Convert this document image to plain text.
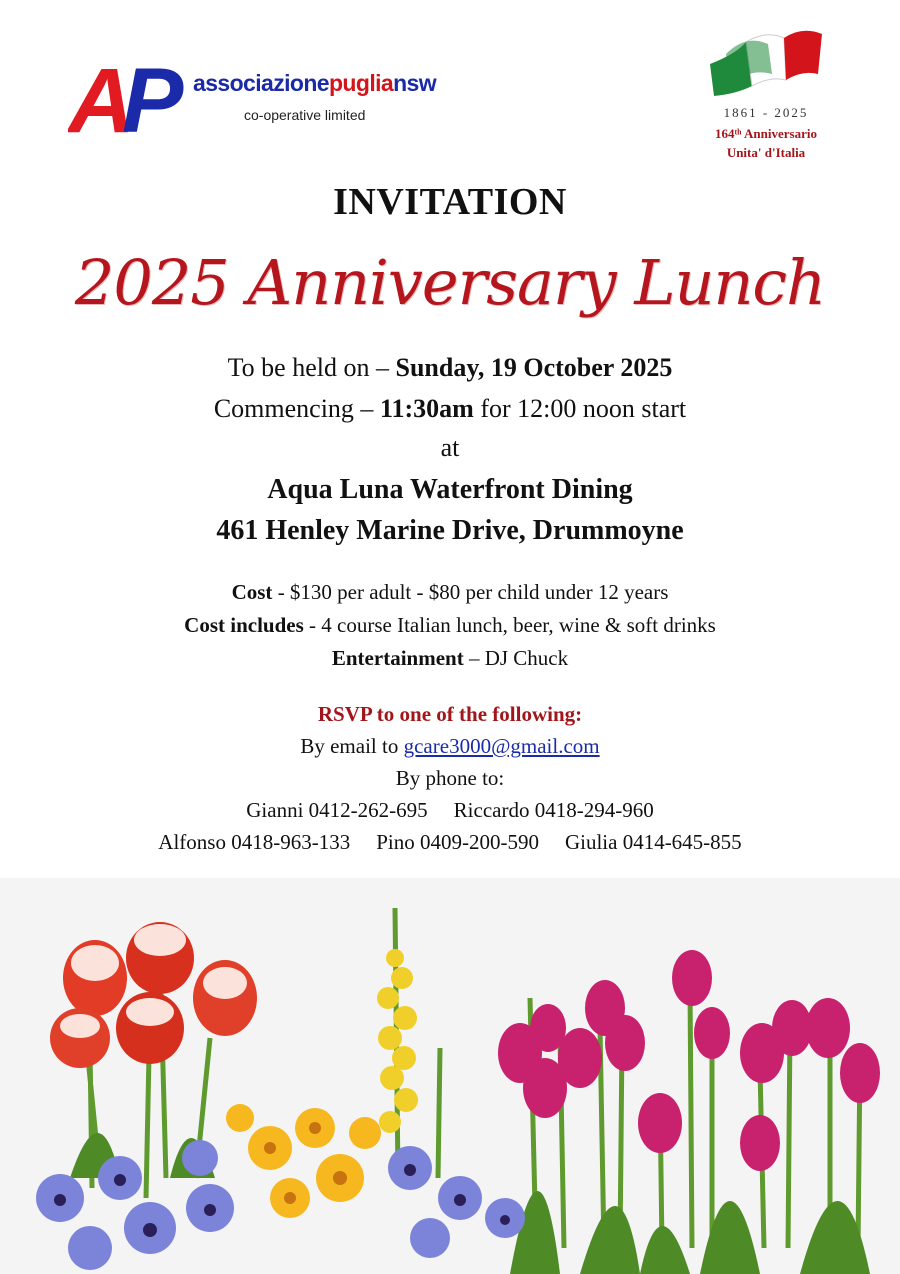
A
P associazionepugliansw
co-operative limited	1861 - 2025
164ᵗʰ Anniversario
Unita' d'Italia
INVITATION
2025 Anniversary Lunch
To be held on – Sunday, 19 October 2025
Commencing – 11:30am for 12:00 noon start
at
Aqua Luna Waterfront Dining
461 Henley Marine Drive, Drummoyne
Cost - $130 per adult - $80 per child under 12 years
Cost includes - 4 course Italian lunch, beer, wine & soft drinks
Entertainment – DJ Chuck
RSVP to one of the following:
By email to gcare3000@gmail.com
By phone to:
Gianni 0412-262-695 Riccardo 0418-294-960
Alfonso 0418-963-133 Pino 0409-200-590 Giulia 0414-645-855
